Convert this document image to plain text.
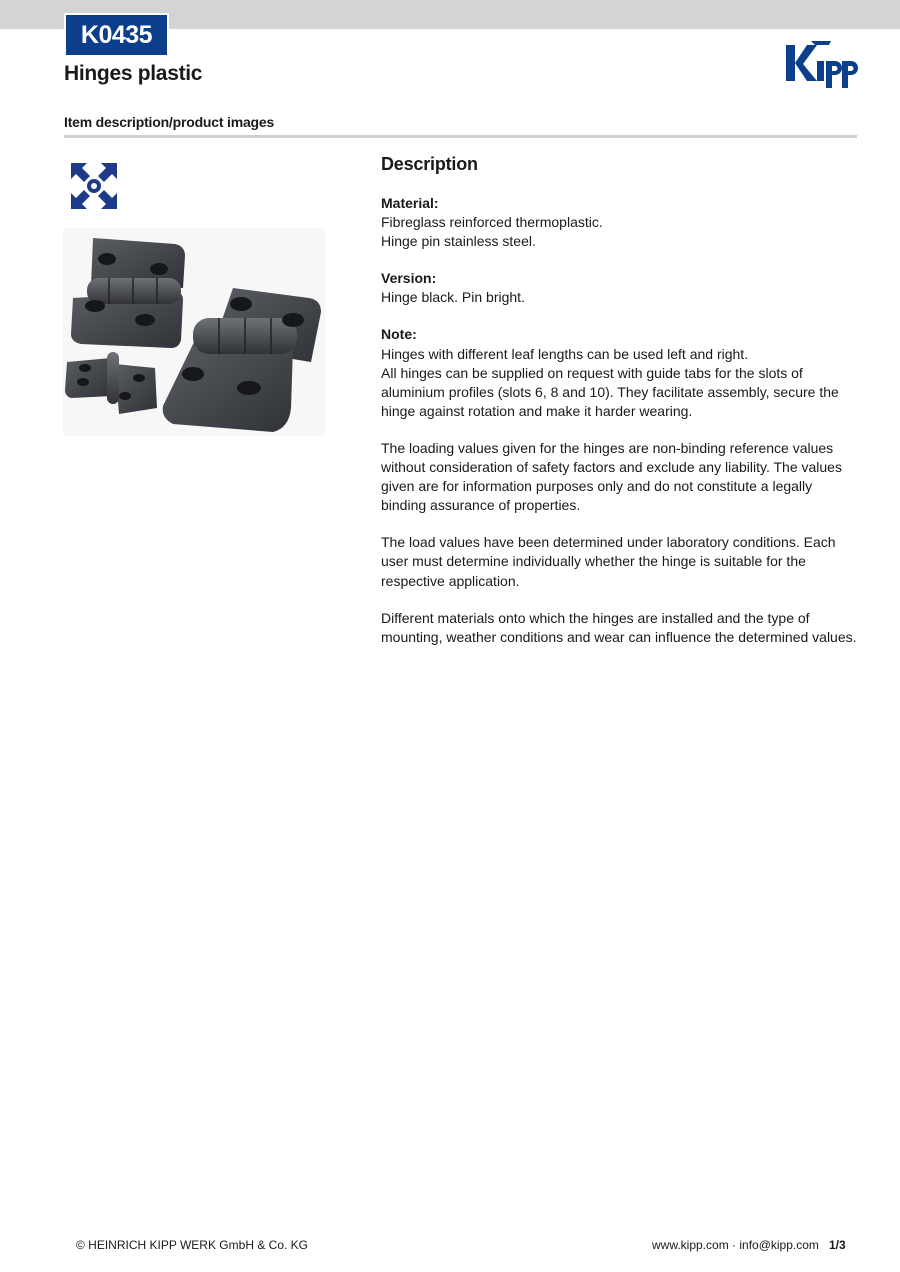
K0435
Hinges plastic
Item description/product images
Description
Material:
Fibreglass reinforced thermoplastic.
Hinge pin stainless steel.
Version:
Hinge black. Pin bright.
Note:
Hinges with different leaf lengths can be used left and right.
All hinges can be supplied on request with guide tabs for the slots of aluminium profiles (slots 6, 8 and 10). They facilitate assembly, secure the hinge against rotation and make it harder wearing.
The loading values given for the hinges are non-binding reference values without consideration of safety factors and exclude any liability. The values given are for information purposes only and do not constitute a legally binding assurance of properties.
The load values have been determined under laboratory conditions. Each user must determine individually whether the hinge is suitable for the respective application.
Different materials onto which the hinges are installed and the type of mounting, weather conditions and wear can influence the determined values.
© HEINRICH KIPP WERK GmbH & Co. KG	www.kipp.com · info@kipp.com 1/3
